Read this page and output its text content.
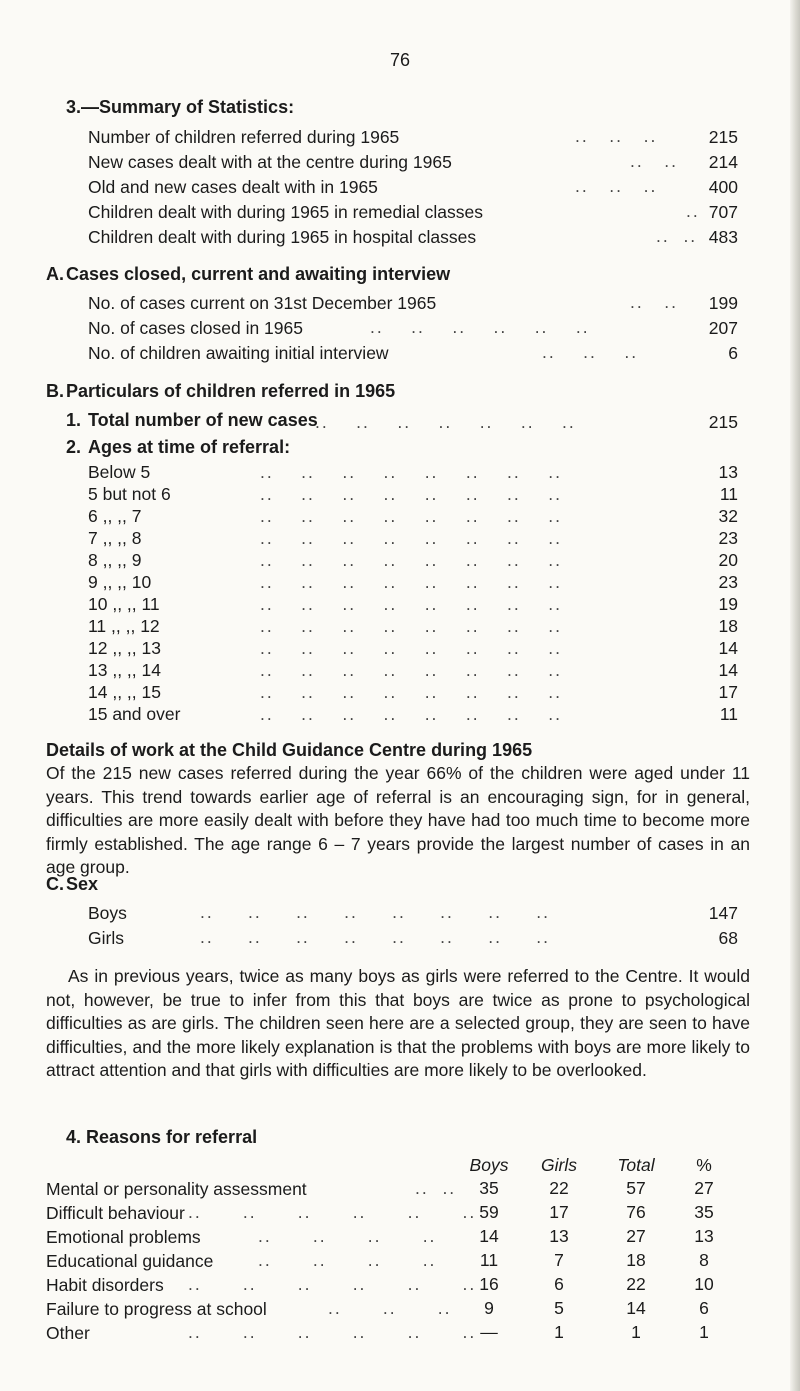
76
3.—Summary of Statistics:
Number of children referred during 1965	..   ..   ..	215
New cases dealt with at the centre during 1965	..   ..	214
Old and new cases dealt with in 1965	..   ..   ..	400
Children dealt with during 1965 in remedial classes	.. 707
Children dealt with during 1965 in hospital classes	..  .. 483
A. Cases closed, current and awaiting interview
No. of cases current on 31st December 1965	..   ..	199
No. of cases closed in 1965	..    ..    ..    ..    ..    ..	207
No. of children awaiting initial interview	..    ..    ..	6
B. Particulars of children referred in 1965
1. Total number of new cases
..    ..    ..    ..    ..    ..    ..	215
2. Ages at time of referral:
Below 5	13
5 but not 6	11
6 ,, ,, 7	32
7 ,, ,, 8	23
8 ,, ,, 9	20
9 ,, ,, 10	23
10 ,, ,, 11	19
11 ,, ,, 12	18
12 ,, ,, 13	14
13 ,, ,, 14	14
14 ,, ,, 15	17
15 and over	11
..    ..    ..    ..    ..    ..    ..    ..
..    ..    ..    ..    ..    ..    ..    ..
..    ..    ..    ..    ..    ..    ..    ..
..    ..    ..    ..    ..    ..    ..    ..
..    ..    ..    ..    ..    ..    ..    ..
..    ..    ..    ..    ..    ..    ..    ..
..    ..    ..    ..    ..    ..    ..    ..
..    ..    ..    ..    ..    ..    ..    ..
..    ..    ..    ..    ..    ..    ..    ..
..    ..    ..    ..    ..    ..    ..    ..
..    ..    ..    ..    ..    ..    ..    ..
..    ..    ..    ..    ..    ..    ..    ..
Details of work at the Child Guidance Centre during 1965
Of the 215 new cases referred during the year 66% of the children were aged under 11 years. This trend towards earlier age of referral is an encouraging sign, for in general, difficulties are more easily dealt with before they have had too much time to become more firmly established. The age range 6 – 7 years provide the largest number of cases in an age group.
C. Sex
Boys	..     ..     ..     ..     ..     ..     ..     ..	147
Girls	..     ..     ..     ..     ..     ..     ..     ..	68
As in previous years, twice as many boys as girls were referred to the Centre. It would not, however, be true to infer from this that boys are twice as prone to psychological difficulties as are girls. The children seen here are a selected group, they are seen to have difficulties, and the more likely explanation is that the problems with boys are more likely to attract attention and that girls with difficulties are more likely to be overlooked.
4. Reasons for referral
Boys	Girls	Total	%
Mental or personality assessment	..  ..	35	22	57	27
Difficult behaviour ..      ..      ..      ..      ..      .. 59	17	76	35
Emotional problems	..      ..      ..      ..	14	13	27	13
Educational guidance	..      ..      ..      ..	11	7	18	8
Habit disorders ..      ..      ..      ..      ..      .. 16	6	22	10
Failure to progress at school	..      ..      ..	9	5	14	6
Other	..      ..      ..      ..      ..      .. —	1	1	1
